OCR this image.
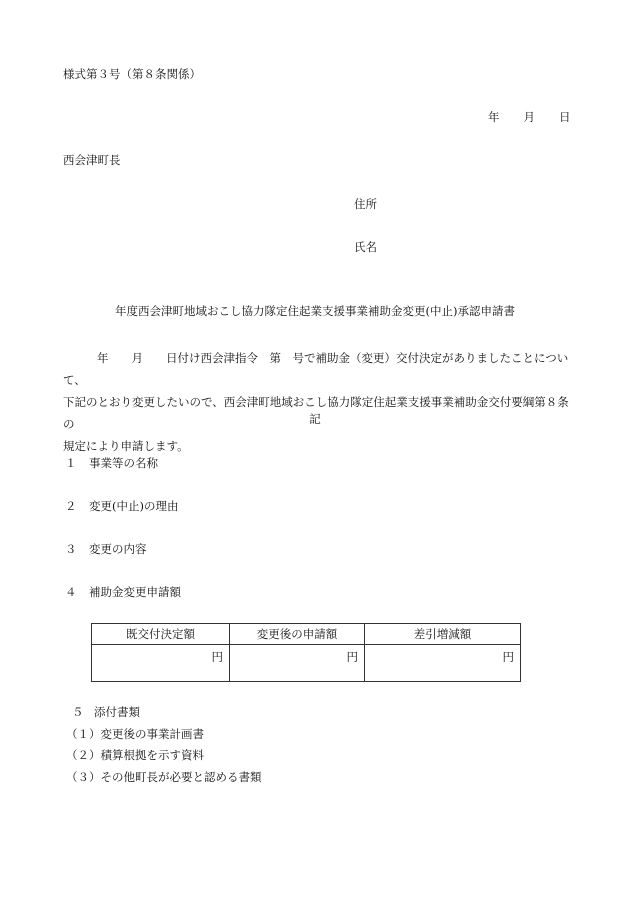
様式第３号（第８条関係）
年 月 日
西会津町長
住所
氏名
年度西会津町地域おこし協力隊定住起業支援事業補助金変更(中止)承認申請書
年　　月　　日付け西会津指令　第　号で補助金（変更）交付決定がありましたことについて、
下記のとおり変更したいので、西会津町地域おこし協力隊定住起業支援事業補助金交付要綱第８条の
規定により申請します。
記
１ 事業等の名称
２ 変更(中止)の理由
３ 変更の内容
４ 補助金変更申請額
既交付決定額	変更後の申請額	差引増減額
円	円	円
５ 添付書類
（１）変更後の事業計画書
（２）積算根拠を示す資料
（３）その他町長が必要と認める書類
